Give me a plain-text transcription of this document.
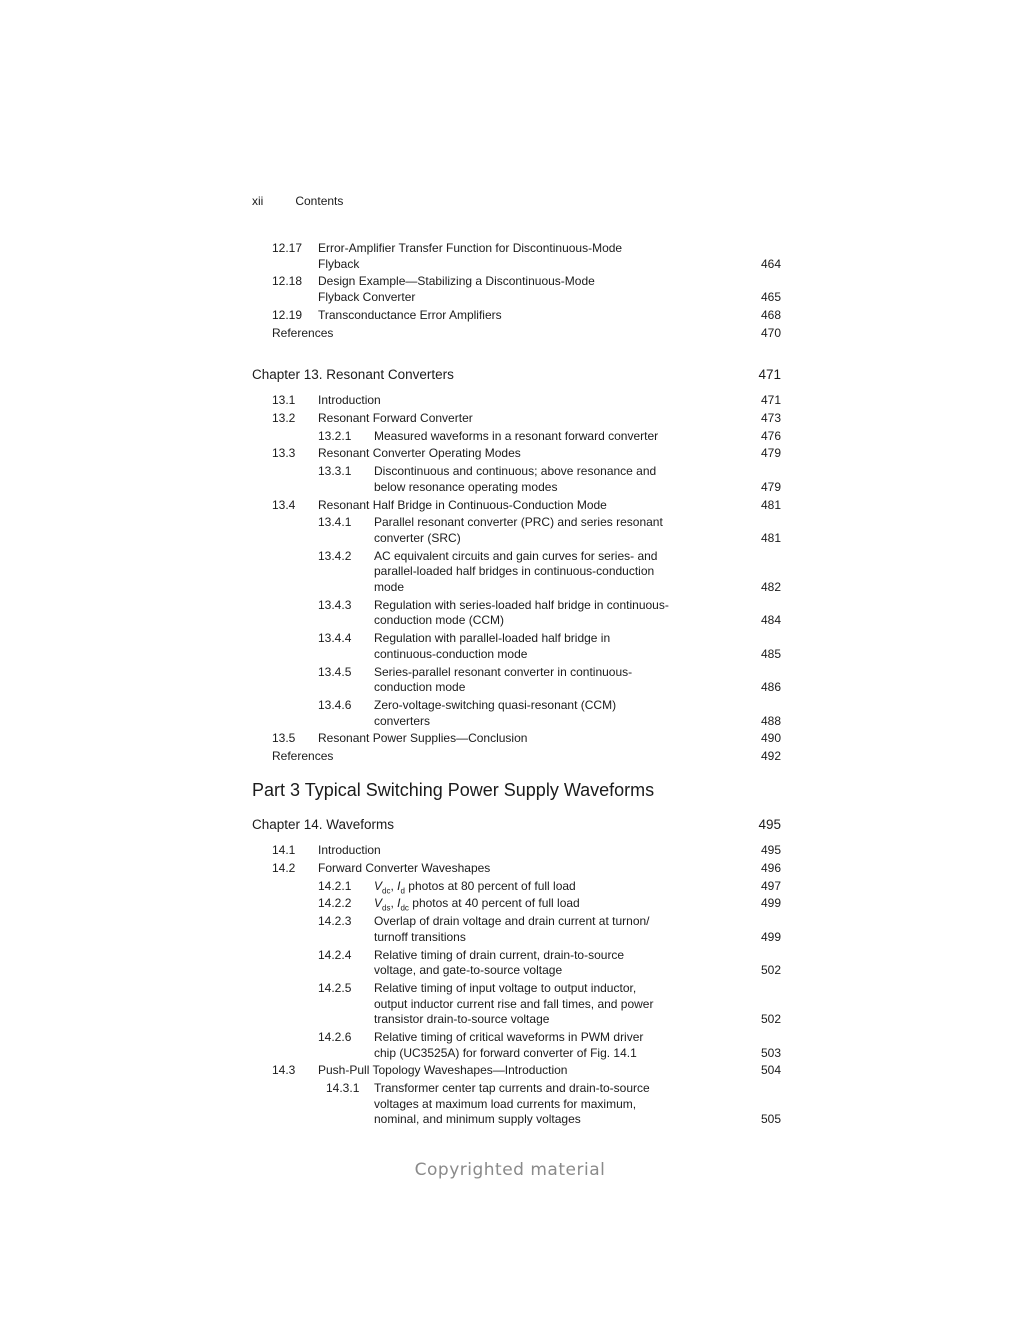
xii	Contents
12.17 Error-Amplifier Transfer Function for Discontinuous-Mode
Flyback	464
12.18 Design Example—Stabilizing a Discontinuous-Mode
Flyback Converter	465
12.19 Transconductance Error Amplifiers	468
References	470
Chapter 13. Resonant Converters	471
13.1 Introduction	471
13.2 Resonant Forward Converter	473
13.2.1 Measured waveforms in a resonant forward converter	476
13.3 Resonant Converter Operating Modes	479
13.3.1 Discontinuous and continuous; above resonance and
below resonance operating modes	479
13.4 Resonant Half Bridge in Continuous-Conduction Mode	481
13.4.1 Parallel resonant converter (PRC) and series resonant
converter (SRC)	481
13.4.2 AC equivalent circuits and gain curves for series- and
parallel-loaded half bridges in continuous-conduction
mode	482
13.4.3 Regulation with series-loaded half bridge in continuous-
conduction mode (CCM)	484
13.4.4 Regulation with parallel-loaded half bridge in
continuous-conduction mode	485
13.4.5 Series-parallel resonant converter in continuous-
conduction mode	486
13.4.6 Zero-voltage-switching quasi-resonant (CCM)
converters	488
13.5 Resonant Power Supplies—Conclusion	490
References	492
Part 3 Typical Switching Power Supply Waveforms
Chapter 14. Waveforms	495
14.1 Introduction	495
14.2 Forward Converter Waveshapes	496
14.2.1 $V_{dc}$, $I_d$ photos at 80 percent of full load	497
14.2.2 $V_{ds}$, $I_{dc}$ photos at 40 percent of full load	499
14.2.3 Overlap of drain voltage and drain current at turnon/
turnoff transitions	499
14.2.4 Relative timing of drain current, drain-to-source
voltage, and gate-to-source voltage	502
14.2.5 Relative timing of input voltage to output inductor,
output inductor current rise and fall times, and power
transistor drain-to-source voltage	502
14.2.6 Relative timing of critical waveforms in PWM driver
chip (UC3525A) for forward converter of Fig. 14.1	503
14.3 Push-Pull Topology Waveshapes—Introduction	504
14.3.1 Transformer center tap currents and drain-to-source
voltages at maximum load currents for maximum,
nominal, and minimum supply voltages	505
Copyrighted material
